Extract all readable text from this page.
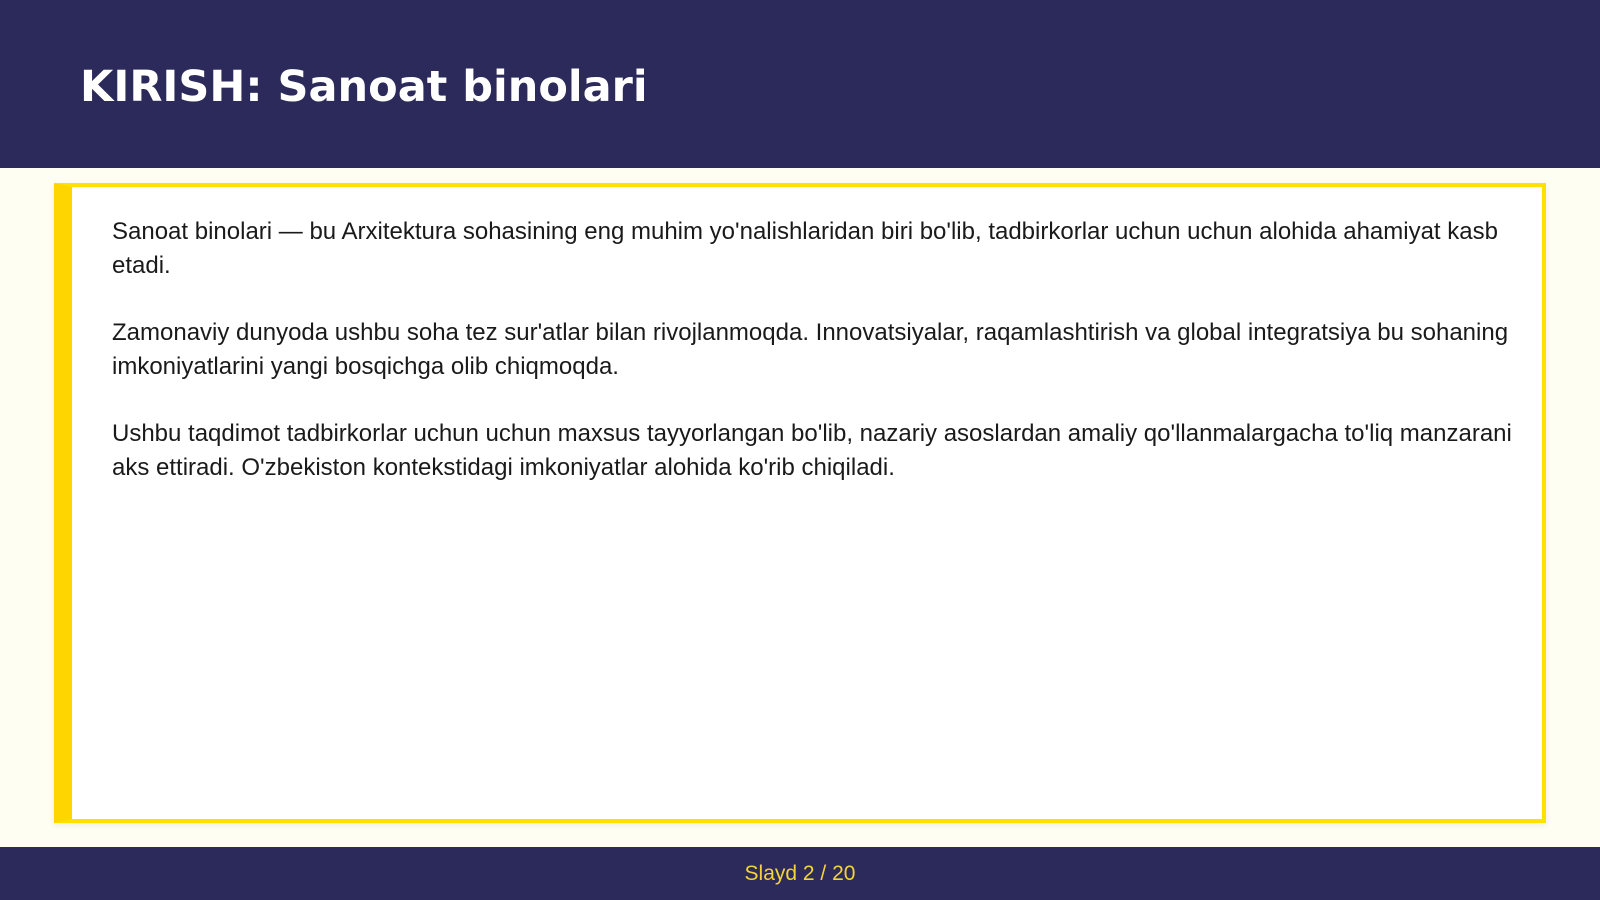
KIRISH: Sanoat binolari

Sanoat binolari — bu Arxitektura sohasining eng muhim yo'nalishlaridan biri bo'lib, tadbirkorlar uchun uchun alohida ahamiyat kasb etadi.

Zamonaviy dunyoda ushbu soha tez sur'atlar bilan rivojlanmoqda. Innovatsiyalar, raqamlashtirish va global integratsiya bu sohaning imkoniyatlarini yangi bosqichga olib chiqmoqda.

Ushbu taqdimot tadbirkorlar uchun uchun maxsus tayyorlangan bo'lib, nazariy asoslardan amaliy qo'llanmalargacha to'liq manzarani aks ettiradi. O'zbekiston kontekstidagi imkoniyatlar alohida ko'rib chiqiladi.

Slayd 2 / 20
